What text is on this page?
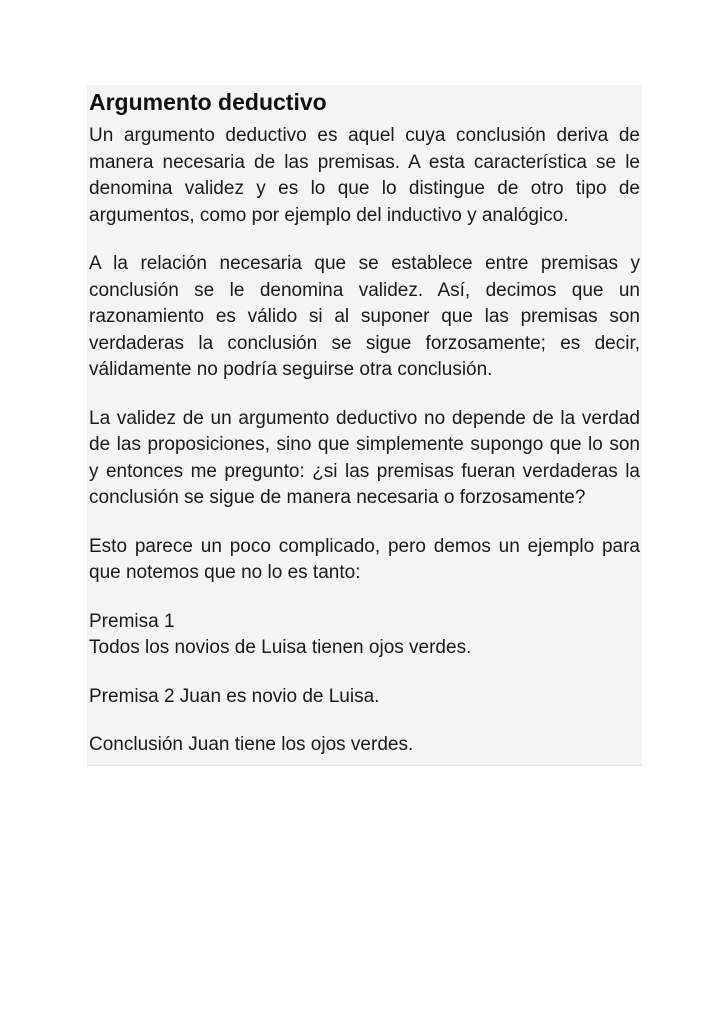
Argumento deductivo

Un argumento deductivo es aquel cuya conclusión deriva de manera necesaria de las premisas. A esta característica se le denomina validez y es lo que lo distingue de otro tipo de argumentos, como por ejemplo del inductivo y analógico.

A la relación necesaria que se establece entre premisas y conclusión se le denomina validez. Así, decimos que un razonamiento es válido si al suponer que las premisas son verdaderas la conclusión se sigue forzosamente; es decir, válidamente no podría seguirse otra conclusión.

La validez de un argumento deductivo no depende de la verdad de las proposiciones, sino que simplemente supongo que lo son y entonces me pregunto: ¿si las premisas fueran verdaderas la conclusión se sigue de manera necesaria o forzosamente?

Esto parece un poco complicado, pero demos un ejemplo para que notemos que no lo es tanto:

Premisa 1

Todos los novios de Luisa tienen ojos verdes.

Premisa 2 Juan es novio de Luisa.

Conclusión Juan tiene los ojos verdes.
